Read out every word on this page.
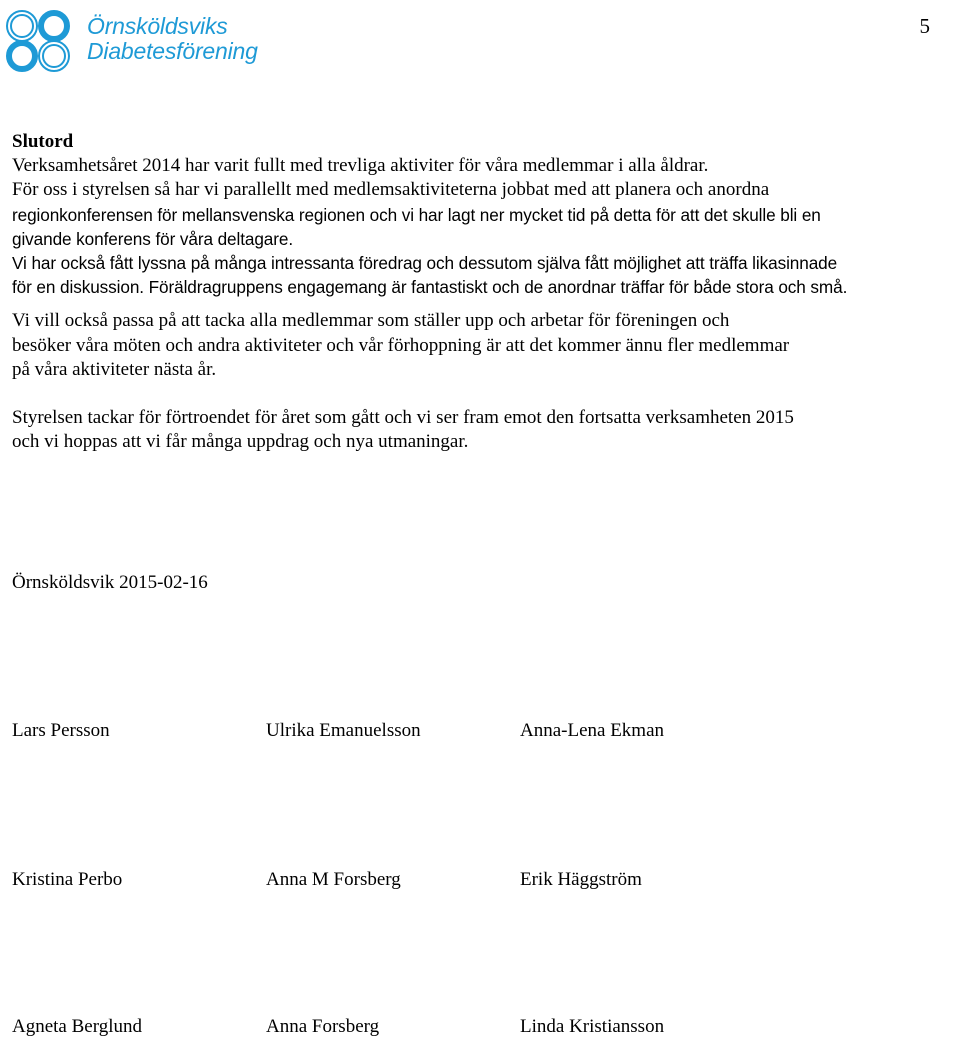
Örnsköldsviks
Diabetesförening
5

Slutord

Verksamhetsåret 2014 har varit fullt med trevliga aktiviter för våra medlemmar i alla åldrar.

För oss i styrelsen så har vi parallellt med medlemsaktiviteterna jobbat med att planera och anordna

regionkonferensen för mellansvenska regionen och vi har lagt ner mycket tid på detta för att det skulle bli en

givande konferens för våra deltagare.

Vi har också fått lyssna på många intressanta föredrag och dessutom själva fått möjlighet att träffa likasinnade

för en diskussion. Föräldragruppens engagemang är fantastiskt och de anordnar träffar för både stora och små.

Vi vill också passa på att tacka alla medlemmar som ställer upp och arbetar för föreningen och

besöker våra möten och andra aktiviteter och vår förhoppning är att det kommer ännu fler medlemmar

på våra aktiviteter nästa år.

Styrelsen tackar för förtroendet för året som gått och vi ser fram emot den fortsatta verksamheten 2015

och vi hoppas att vi får många uppdrag och nya utmaningar.

Örnsköldsvik 2015-02-16
Lars Persson	Ulrika Emanuelsson	Anna-Lena Ekman
Kristina Perbo	Anna M Forsberg	Erik Häggström
Agneta Berglund	Anna Forsberg	Linda Kristiansson
